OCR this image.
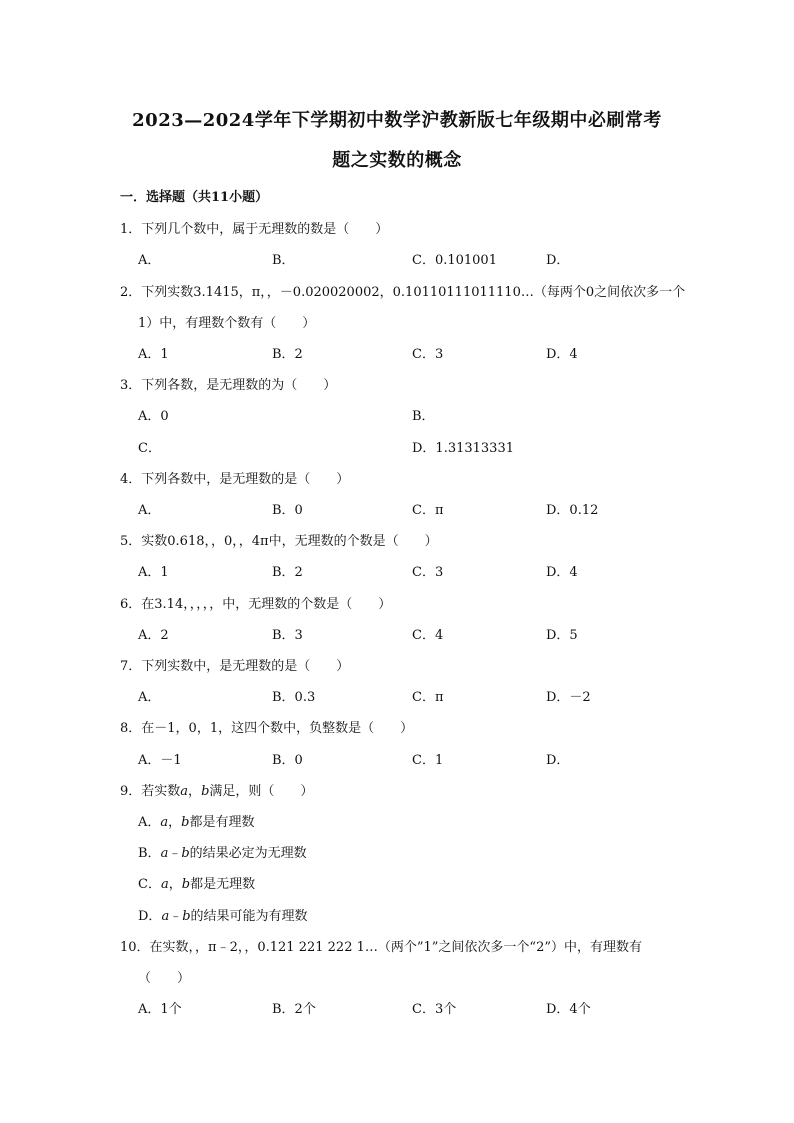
2023—2024学年下学期初中数学沪教新版七年级期中必刷常考
题之实数的概念
一．选择题（共11小题）
1．下列几个数中，属于无理数的数是（　　）
A．	B．	C．0.101001	D．
2．下列实数3.1415，π，，－0.020020002，0.10110111011110…（每两个0之间依次多一个
1）中，有理数个数有（　　）
A．1	B．2	C．3	D．4
3．下列各数，是无理数的为（　　）
A．0	B．
C．	D．1.31313331
4．下列各数中，是无理数的是（　　）
A．	B．0	C．π	D．0.12
5．实数0.618，，0，，4π中，无理数的个数是（　　）
A．1	B．2	C．3	D．4
6．在3.14，，，，，中，无理数的个数是（　　）
A．2	B．3	C．4	D．5
7．下列实数中，是无理数的是（　　）
A．	B．0.3	C．π	D．－2
8．在－1，0，1，这四个数中，负整数是（　　）
A．－1	B．0	C．1	D．
9．若实数a，b满足，则（　　）
A．a，b都是有理数
B．a﹣b的结果必定为无理数
C．a，b都是无理数
D．a﹣b的结果可能为有理数
10．在实数，，π﹣2，，0.121 221 222 1…（两个”1”之间依次多一个“2”）中，有理数有
（　　）
A．1个	B．2个	C．3个	D．4个
